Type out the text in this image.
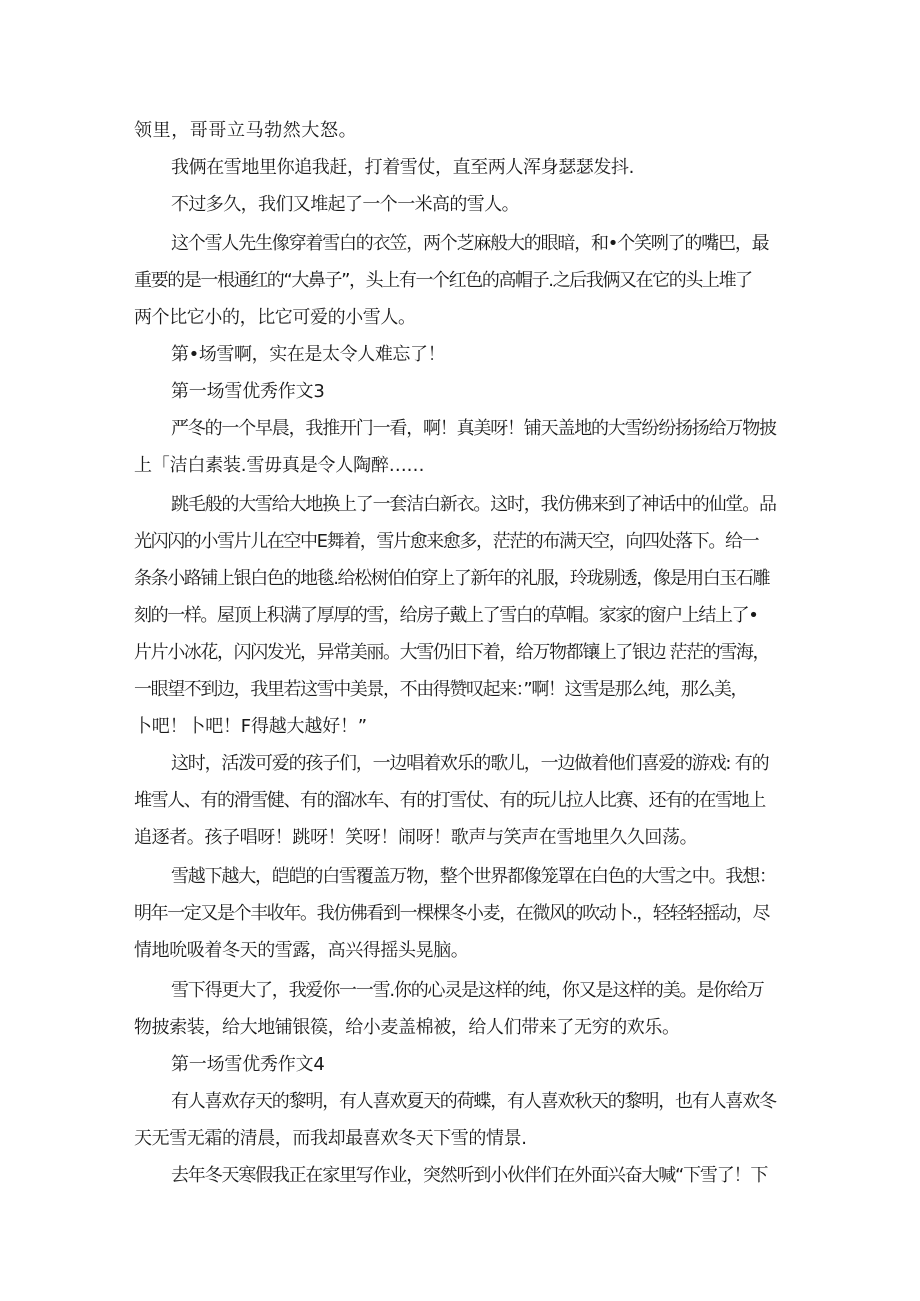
领里，哥哥立马勃然大怒。
我俩在雪地里你追我赶，打着雪仗，直至两人浑身瑟瑟发抖.
不过多久，我们又堆起了一个一米高的雪人。
这个雪人先生像穿着雪白的衣笠，两个芝麻般大的眼暗，和•个笑咧了的嘴巴，最
重要的是一根通红的“大鼻子”，头上有一个红色的高帽子.之后我俩又在它的头上堆了
两个比它小的，比它可爱的小雪人。
第•场雪啊，实在是太令人难忘了！
第一场雪优秀作文3
严冬的一个早晨，我推开门一看，啊！真美呀！铺天盖地的大雪纷纷扬扬给万物披
上「洁白素装.雪毋真是令人陶醉……
跳毛般的大雪给大地换上了一套洁白新衣。这时，我仿佛来到了神话中的仙堂。品
光闪闪的小雪片儿在空中E舞着，雪片愈来愈多，茫茫的布满天空，向四处落下。给一
条条小路铺上银白色的地毯.给松树伯伯穿上了新年的礼服，玲珑剔透，像是用白玉石雕
刻的一样。屋顶上积满了厚厚的雪，给房子戴上了雪白的草帽。家家的窗户上结上了•
片片小冰花，闪闪发光，异常美丽。大雪仍旧下着，给万物都镶上了银边 茫茫的雪海，
一眼望不到边，我里若这雪中美景，不由得赞叹起来：”啊！这雪是那么纯，那么美，
卜吧！卜吧！F得越大越好！”
这时，活泼可爱的孩子们，一边唱着欢乐的歌儿，一边做着他们喜爱的游戏: 有的
堆雪人、有的滑雪健、有的溜冰车、有的打雪仗、有的玩儿拉人比赛、还有的在雪地上
追逐者。孩子唱呀！跳呀！笑呀！闹呀！歌声与笑声在雪地里久久回荡。
雪越下越大，皑皑的白雪覆盖万物，整个世界都像笼罩在白色的大雪之中。我想：
明年一定又是个丰收年。我仿佛看到一棵棵冬小麦，在微风的吹动卜.，轻轻轻摇动，尽
情地吮吸着冬天的雪露，高兴得摇头晃脑。
雪下得更大了，我爱你一一雪.你的心灵是这样的纯，你又是这样的美。是你给万
物披索装，给大地铺银篌，给小麦盖棉被，给人们带来了无穷的欢乐。
第一场雪优秀作文4
有人喜欢存天的黎明，有人喜欢夏天的荷蝶，有人喜欢秋天的黎明，也有人喜欢冬
天无雪无霜的清晨，而我却最喜欢冬天下雪的情景.
去年冬天寒假我正在家里写作业，突然听到小伙伴们在外面兴奋大喊“下雪了！下
